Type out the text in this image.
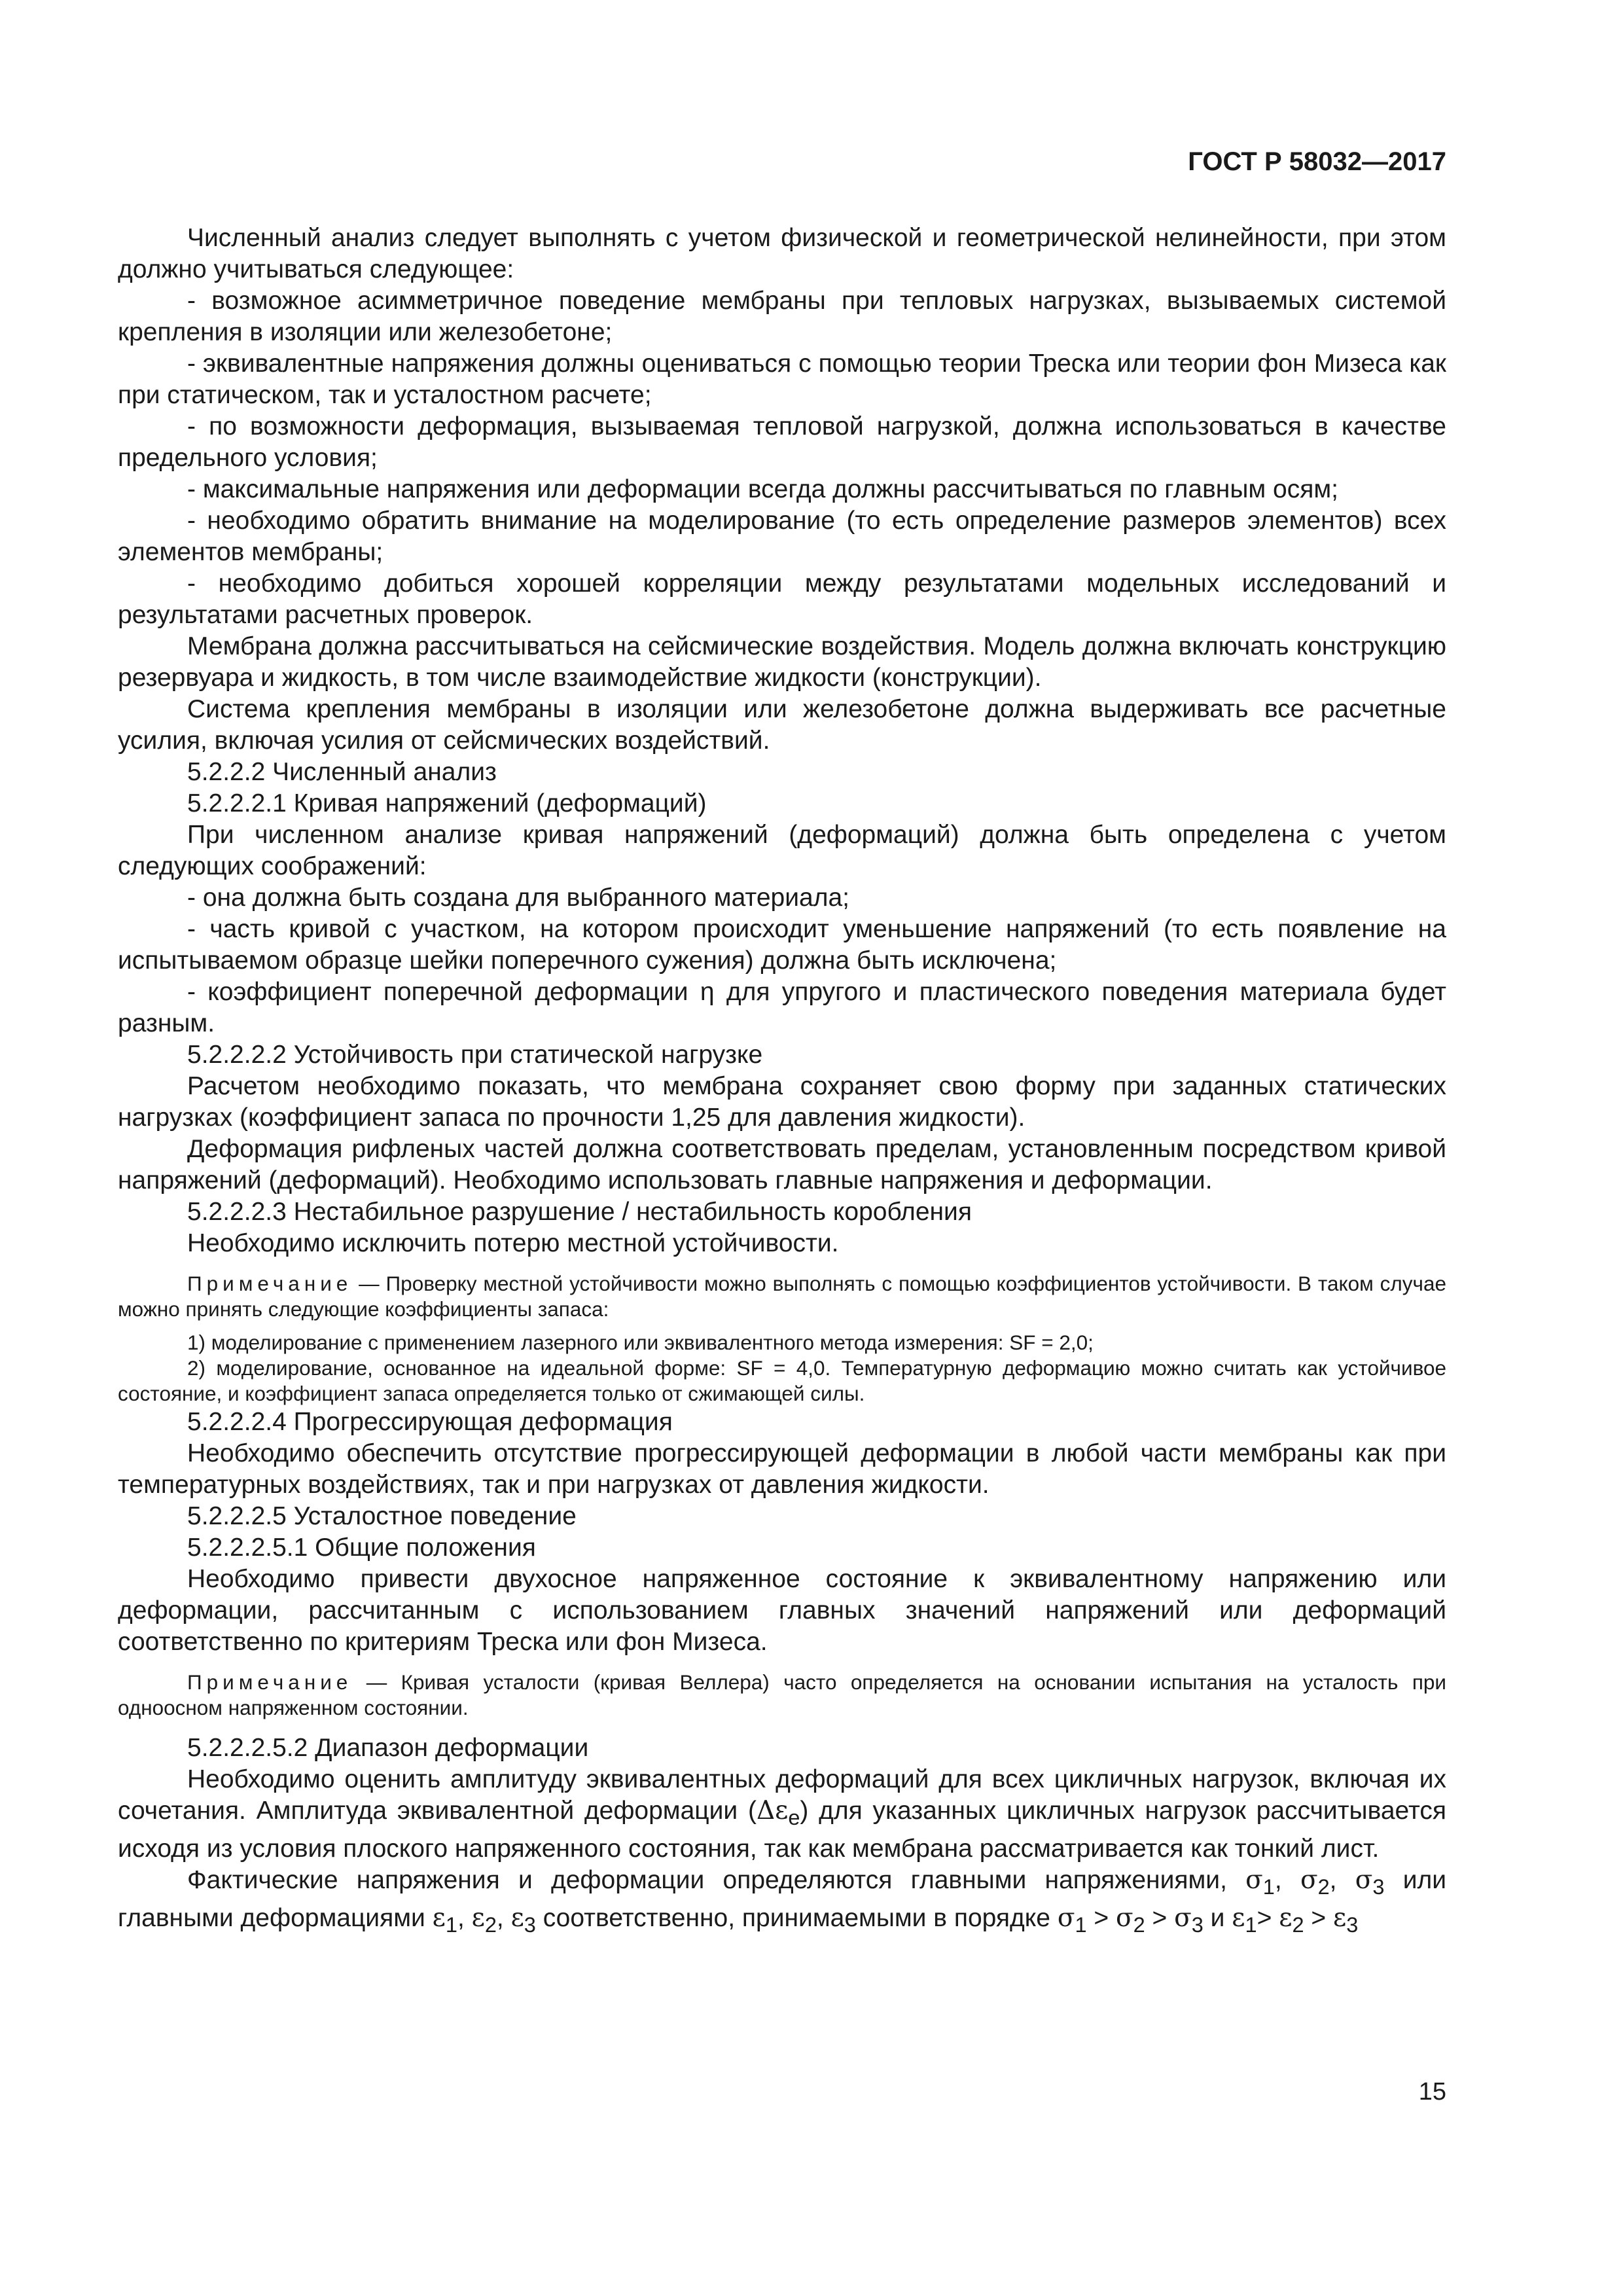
ГОСТ Р 58032—2017

Численный анализ следует выполнять с учетом физической и геометрической нелинейности, при этом должно учитываться следующее:

- возможное асимметричное поведение мембраны при тепловых нагрузках, вызываемых системой крепления в изоляции или железобетоне;

- эквивалентные напряжения должны оцениваться с помощью теории Треска или теории фон Мизеса как при статическом, так и усталостном расчете;

- по возможности деформация, вызываемая тепловой нагрузкой, должна использоваться в качестве предельного условия;

- максимальные напряжения или деформации всегда должны рассчитываться по главным осям;

- необходимо обратить внимание на моделирование (то есть определение размеров элементов) всех элементов мембраны;

- необходимо добиться хорошей корреляции между результатами модельных исследований и результатами расчетных проверок.

Мембрана должна рассчитываться на сейсмические воздействия. Модель должна включать конструкцию резервуара и жидкость, в том числе взаимодействие жидкости (конструкции).

Система крепления мембраны в изоляции или железобетоне должна выдерживать все расчетные усилия, включая усилия от сейсмических воздействий.

5.2.2.2 Численный анализ

5.2.2.2.1 Кривая напряжений (деформаций)

При численном анализе кривая напряжений (деформаций) должна быть определена с учетом следующих соображений:

- она должна быть создана для выбранного материала;

- часть кривой с участком, на котором происходит уменьшение напряжений (то есть появление на испытываемом образце шейки поперечного сужения) должна быть исключена;

- коэффициент поперечной деформации η для упругого и пластического поведения материала будет разным.

5.2.2.2.2 Устойчивость при статической нагрузке

Расчетом необходимо показать, что мембрана сохраняет свою форму при заданных статических нагрузках (коэффициент запаса по прочности 1,25 для давления жидкости).

Деформация рифленых частей должна соответствовать пределам, установленным посредством кривой напряжений (деформаций). Необходимо использовать главные напряжения и деформации.

5.2.2.2.3 Нестабильное разрушение / нестабильность коробления

Необходимо исключить потерю местной устойчивости.

Примечание — Проверку местной устойчивости можно выполнять с помощью коэффициентов устойчивости. В таком случае можно принять следующие коэффициенты запаса:

1) моделирование с применением лазерного или эквивалентного метода измерения: SF = 2,0;

2) моделирование, основанное на идеальной форме: SF = 4,0. Температурную деформацию можно считать как устойчивое состояние, и коэффициент запаса определяется только от сжимающей силы.

5.2.2.2.4 Прогрессирующая деформация

Необходимо обеспечить отсутствие прогрессирующей деформации в любой части мембраны как при температурных воздействиях, так и при нагрузках от давления жидкости.

5.2.2.2.5 Усталостное поведение

5.2.2.2.5.1 Общие положения

Необходимо привести двухосное напряженное состояние к эквивалентному напряжению или деформации, рассчитанным с использованием главных значений напряжений или деформаций соответственно по критериям Треска или фон Мизеса.

Примечание — Кривая усталости (кривая Веллера) часто определяется на основании испытания на усталость при одноосном напряженном состоянии.

5.2.2.2.5.2 Диапазон деформации

Необходимо оценить амплитуду эквивалентных деформаций для всех цикличных нагрузок, включая их сочетания. Амплитуда эквивалентной деформации $(\Delta\varepsilon_e)$ для указанных цикличных нагрузок рассчитывается исходя из условия плоского напряженного состояния, так как мембрана рассматривается как тонкий лист.

Фактические напряжения и деформации определяются главными напряжениями, $\sigma_1$, $\sigma_2$, $\sigma_3$ или главными деформациями $\varepsilon_1$, $\varepsilon_2$, $\varepsilon_3$ соответственно, принимаемыми в порядке $\sigma_1 > \sigma_2 > \sigma_3$ и $\varepsilon_1> \varepsilon_2 > \varepsilon_3$

15
